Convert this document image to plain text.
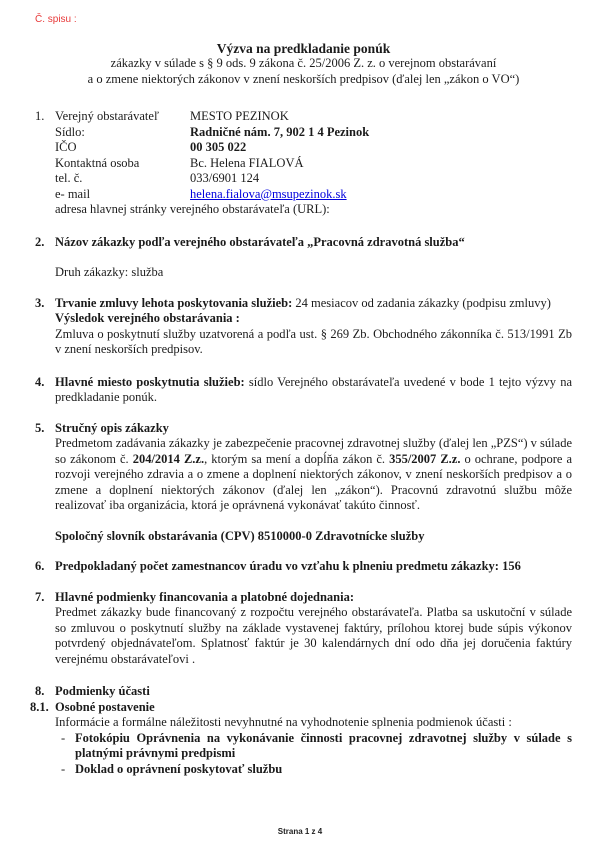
Č. spisu :
Výzva na predkladanie ponúk
zákazky v súlade s § 9 ods. 9 zákona č. 25/2006 Z. z. o verejnom obstarávaní
a o zmene niektorých zákonov v znení neskorších predpisov (ďalej len „zákon o VO“)
1. Verejný obstarávateľ	MESTO PEZINOK
Sídlo:	Radničné nám. 7, 902 1 4 Pezinok
IČO	00 305 022
Kontaktná osoba	Bc. Helena FIALOVÁ
tel. č.	033/6901 124
e- mail	helena.fialova@msupezinok.sk
adresa hlavnej stránky verejného obstarávateľa (URL):
2. Názov zákazky podľa verejného obstarávateľa „Pracovná zdravotná služba“
Druh zákazky: služba
3. Trvanie zmluvy lehota poskytovania služieb: 24 mesiacov od zadania zákazky (podpisu zmluvy)
Výsledok verejného obstarávania :
Zmluva o poskytnutí služby uzatvorená a podľa ust. § 269 Zb. Obchodného zákonníka č. 513/1991 Zb v znení neskorších predpisov.
4. Hlavné miesto poskytnutia služieb: sídlo Verejného obstarávateľa uvedené v bode 1 tejto výzvy na predkladanie ponúk.
5. Stručný opis zákazky
Predmetom zadávania zákazky je zabezpečenie pracovnej zdravotnej služby (ďalej len „PZS“) v súlade so zákonom č. 204/2014 Z.z., ktorým sa mení a dopĺňa zákon č. 355/2007 Z.z. o ochrane, podpore a rozvoji verejného zdravia a o zmene a doplnení niektorých zákonov, v znení neskorších predpisov a o zmene a doplnení niektorých zákonov (ďalej len „zákon“). Pracovnú zdravotnú službu môže realizovať iba organizácia, ktorá je oprávnená vykonávať takúto činnosť.
Spoločný slovník obstarávania (CPV) 8510000-0 Zdravotnícke služby
6. Predpokladaný počet zamestnancov úradu vo vzťahu k plneniu predmetu zákazky: 156
7. Hlavné podmienky financovania a platobné dojednania:
Predmet zákazky bude financovaný z rozpočtu verejného obstarávateľa. Platba sa uskutoční v súlade so zmluvou o poskytnutí služby na základe vystavenej faktúry, prílohou ktorej bude súpis výkonov potvrdený objednávateľom. Splatnosť faktúr je 30 kalendárnych dní odo dňa jej doručenia faktúry verejnému obstarávateľovi .
8. Podmienky účasti
8.1. Osobné postavenie
Informácie a formálne náležitosti nevyhnutné na vyhodnotenie splnenia podmienok účasti :
- Fotokópiu Oprávnenia na vykonávanie činnosti pracovnej zdravotnej služby v súlade s platnými právnymi predpismi
- Doklad o oprávnení poskytovať službu
Strana 1 z 4
